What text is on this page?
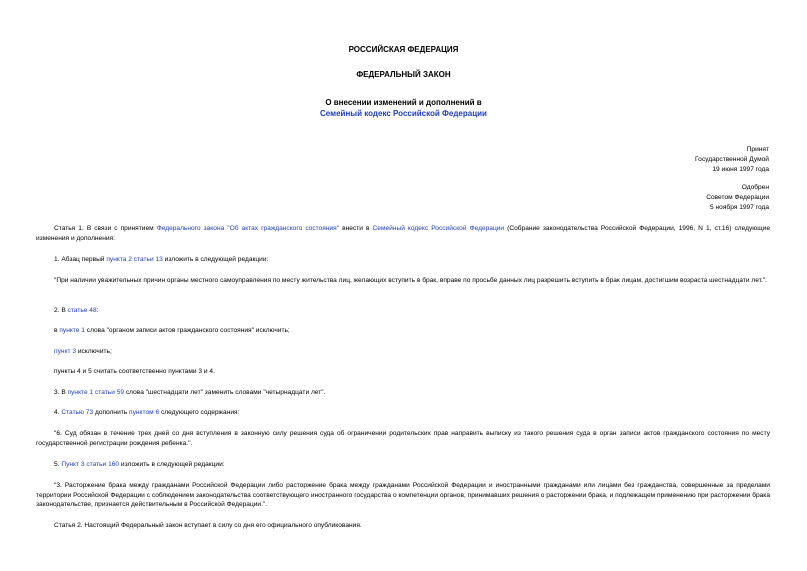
РОССИЙСКАЯ ФЕДЕРАЦИЯ
ФЕДЕРАЛЬНЫЙ ЗАКОН
О внесении изменений и дополнений в
Семейный кодекс Российской Федерации
Принят
Государственной Думой
19 июня 1997 года
Одобрен
Советом Федерации
5 ноября 1997 года
Статья 1. В связи с принятием Федерального закона "Об актах гражданского состояния" внести в Семейный кодекс Российской Федерации (Собрание законодательства Российской Федерации, 1996, N 1, ст.16) следующие изменения и дополнения:
1. Абзац первый пункта 2 статьи 13 изложить в следующей редакции:
"При наличии уважительных причин органы местного самоуправления по месту жительства лиц, желающих вступить в брак, вправе по просьбе данных лиц разрешить вступить в брак лицам, достигшим возраста шестнадцати лет.".
2. В статье 48:
в пункте 1 слова "органом записи актов гражданского состояния" исключить;
пункт 3 исключить;
пункты 4 и 5 считать соответственно пунктами 3 и 4.
3. В пункте 1 статьи 59 слова "шестнадцати лет" заменить словами "четырнадцати лет".
4. Статью 73 дополнить пунктом 6 следующего содержания:
"6. Суд обязан в течение трех дней со дня вступления в законную силу решения суда об ограничении родительских прав направить выписку из такого решения суда в орган записи актов гражданского состояния по месту государственной регистрации рождения ребенка.".
5. Пункт 3 статьи 160 изложить в следующей редакции:
"3. Расторжение брака между гражданами Российской Федерации либо расторжение брака между гражданами Российской Федерации и иностранными гражданами или лицами без гражданства, совершенные за пределами территории Российской Федерации с соблюдением законодательства соответствующего иностранного государства о компетенции органов, принимавших решения о расторжении брака, и подлежащем применению при расторжении брака законодательстве, признается действительным в Российской Федерации.".
Статья 2. Настоящий Федеральный закон вступает в силу со дня его официального опубликования.
